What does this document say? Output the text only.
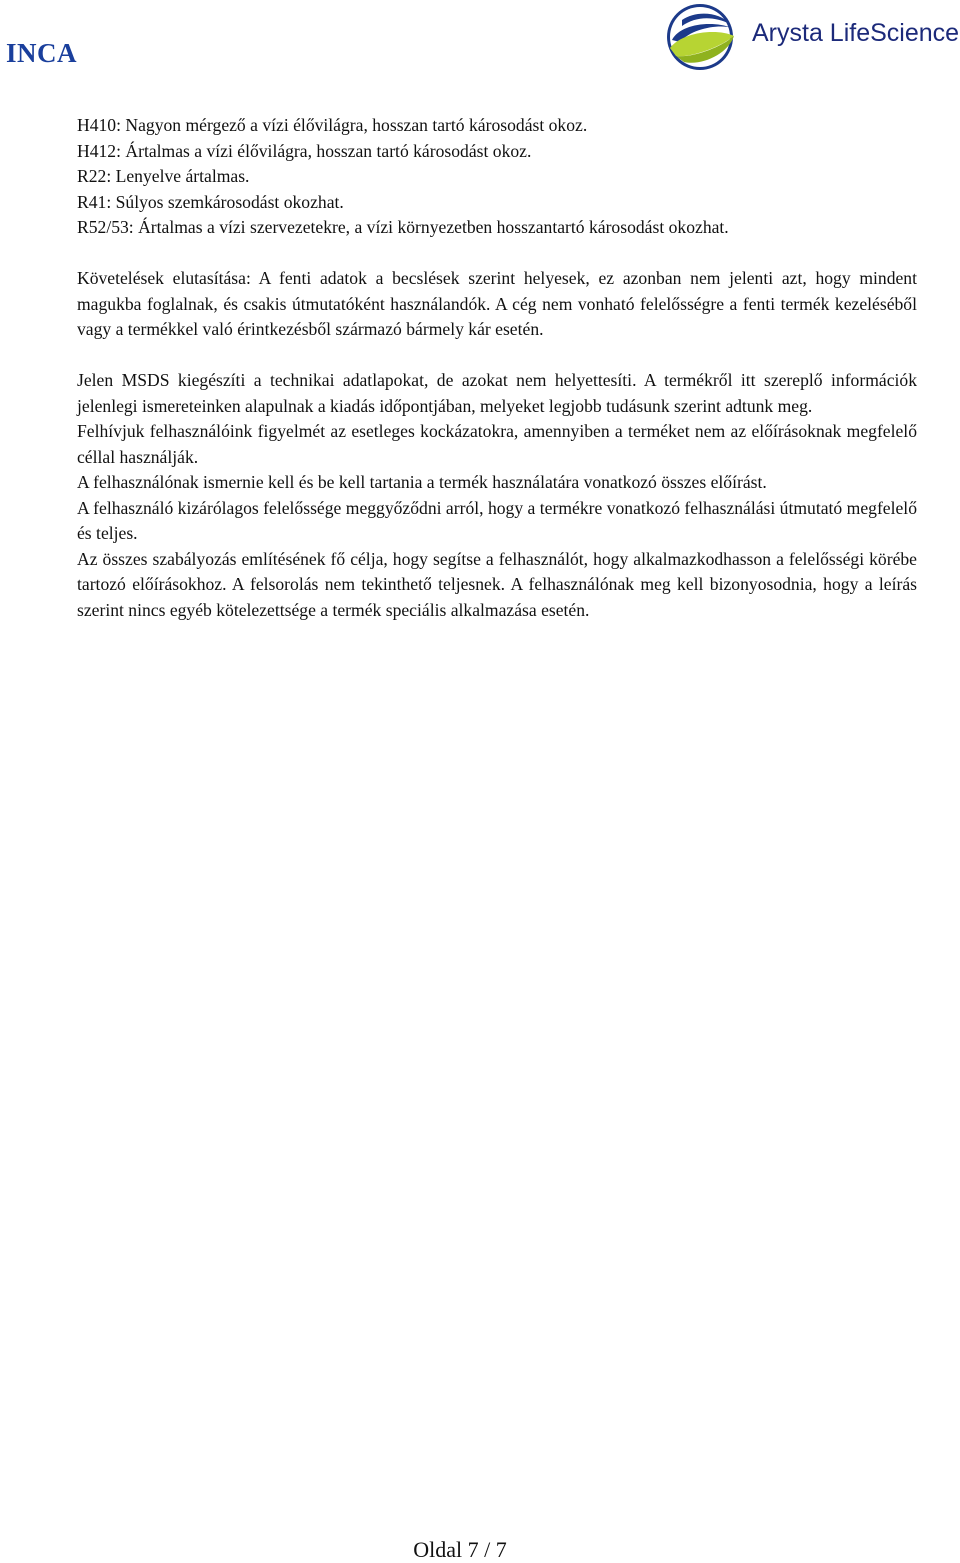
INCA
Arysta LifeScience

H410: Nagyon mérgező a vízi élővilágra, hosszan tartó károsodást okoz.

H412: Ártalmas a vízi élővilágra, hosszan tartó károsodást okoz.

R22: Lenyelve ártalmas.

R41: Súlyos szemkárosodást okozhat.

R52/53: Ártalmas a vízi szervezetekre, a vízi környezetben hosszantartó károsodást okozhat.

Követelések elutasítása: A fenti adatok a becslések szerint helyesek, ez azonban nem jelenti azt, hogy mindent magukba foglalnak, és csakis útmutatóként használandók. A cég nem vonható felelősségre a fenti termék kezeléséből vagy a termékkel való érintkezésből származó bármely kár esetén.

Jelen MSDS kiegészíti a technikai adatlapokat, de azokat nem helyettesíti. A termékről itt szereplő információk jelenlegi ismereteinken alapulnak a kiadás időpontjában, melyeket legjobb tudásunk szerint adtunk meg.

Felhívjuk felhasználóink figyelmét az esetleges kockázatokra, amennyiben a terméket nem az előírásoknak megfelelő céllal használják.

A felhasználónak ismernie kell és be kell tartania a termék használatára vonatkozó összes előírást.

A felhasználó kizárólagos felelőssége meggyőződni arról, hogy a termékre vonatkozó felhasználási útmutató megfelelő és teljes.

Az összes szabályozás említésének fő célja, hogy segítse a felhasználót, hogy alkalmazkodhasson a felelősségi körébe tartozó előírásokhoz. A felsorolás nem tekinthető teljesnek. A felhasználónak meg kell bizonyosodnia, hogy a leírás szerint nincs egyéb kötelezettsége a termék speciális alkalmazása esetén.

Oldal 7 / 7
